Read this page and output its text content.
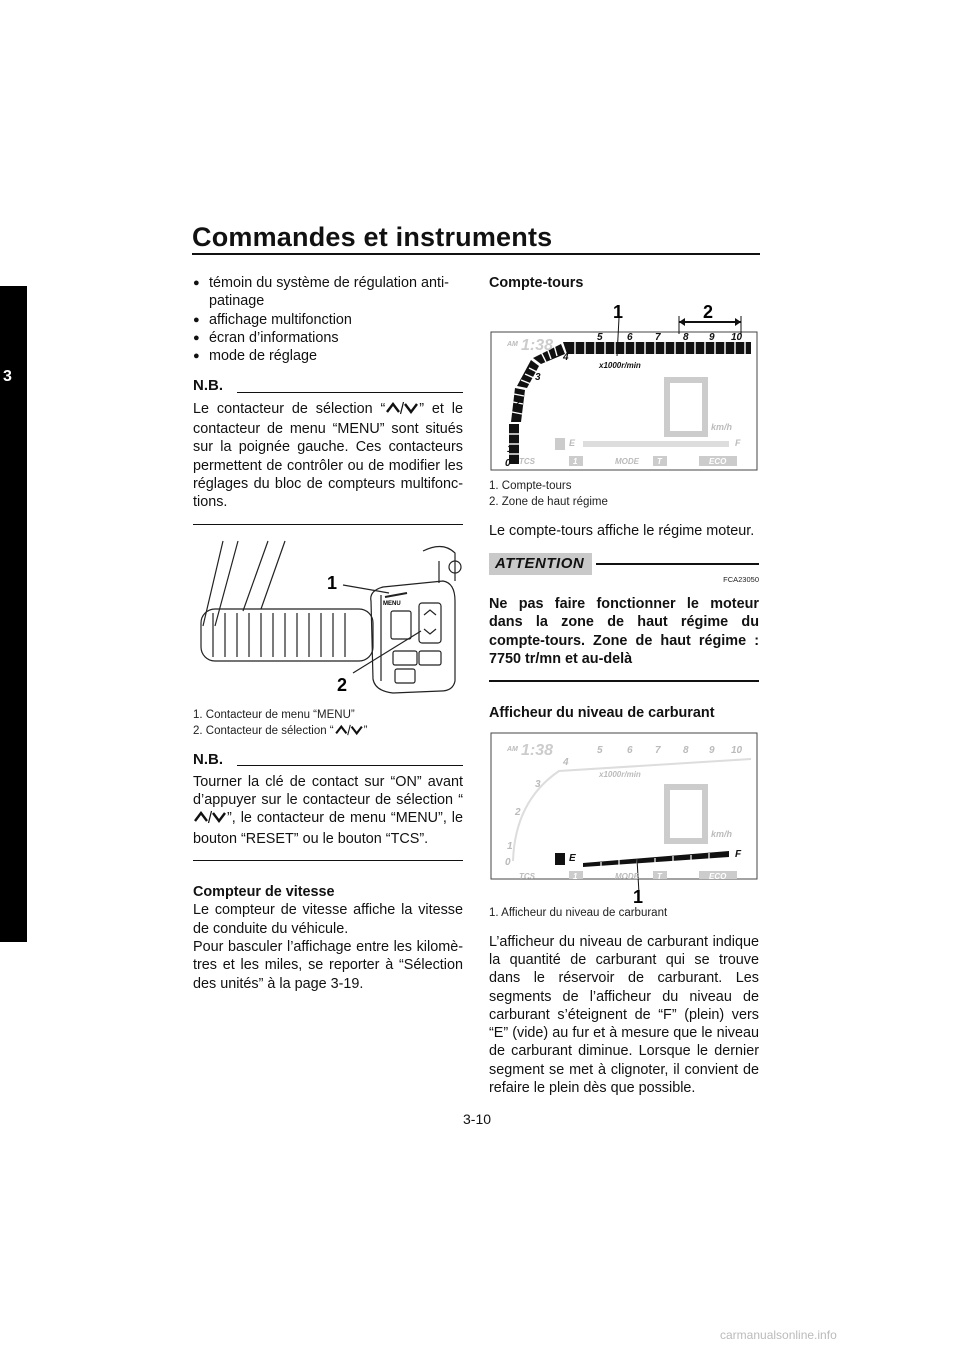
Commandes et instruments
3
● témoin du système de régulation anti-patinage
● affichage multifonction
● écran d’informations
● mode de réglage
N.B.

Le contacteur de sélection “ ” et le contacteur de menu “MENU” sont situés sur la poignée gauche. Ces contacteurs permettent de contrôler ou de modifier les réglages du bloc de compteurs multifonc-tions.

MENU
1
2
1. Contacteur de menu “MENU”
2. Contacteur de sélection “	”
N.B.

Tourner la clé de contact sur “ON” avant d’appuyer sur le contacteur de sélection “”, le contacteur de menu “MENU”, le bouton “RESET” ou le bouton “TCS”.

Compteur de vitesse

Le compteur de vitesse affiche la vitesse de conduite du véhicule.

Pour basculer l’affichage entre les kilomè-tres et les miles, se reporter à “Sélection des unités” à la page 3-19.

Compte-tours
AM 1:38
0
1
2
3
4
5 6 7 8 9 10
x1000r/min
km/h
E	F
TCS	1	MODE T	ECO
1	2
1. Compte-tours
2. Zone de haut régime

Le compte-tours affiche le régime moteur.

ATTENTION
FCA23050

Ne pas faire fonctionner le moteur dans la zone de haut régime du compte-tours. Zone de haut régime : 7750 tr/mn et au-delà

Afficheur du niveau de carburant
AM 1:38
0
1
2
3
4
5 6 7 8 9 10
x1000r/min
km/h
E	F
TCS	1	MODE T	ECO
1
1. Afficheur du niveau de carburant

L’afficheur du niveau de carburant indique la quantité de carburant qui se trouve dans le réservoir de carburant. Les segments de l’afficheur du niveau de carburant s’éteignent de “F” (plein) vers “E” (vide) au fur et à mesure que le niveau de carburant diminue. Lorsque le dernier segment se met à clignoter, il convient de refaire le plein dès que possible.

3-10
carmanualsonline.info
